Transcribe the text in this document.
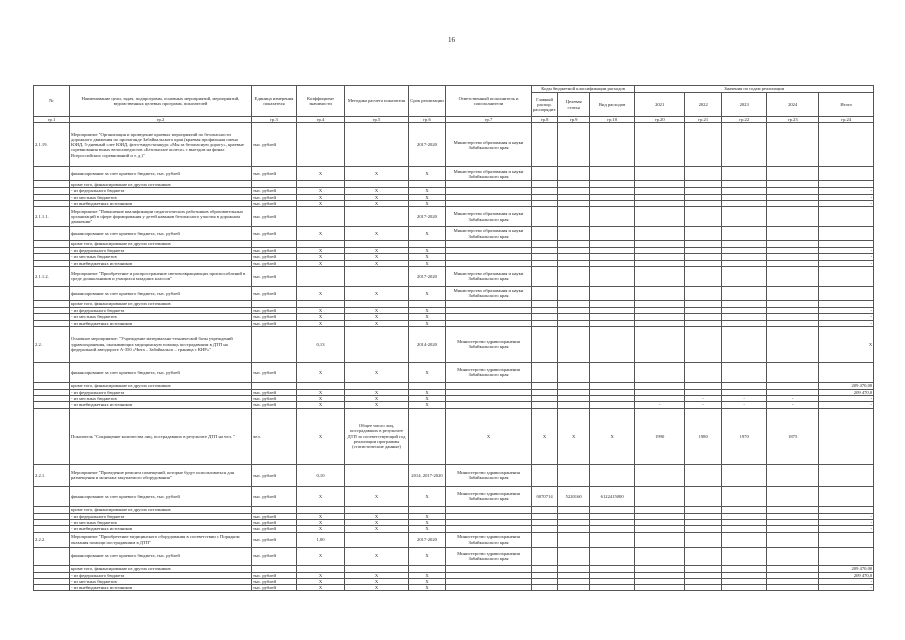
16
№	Наименование цели, задач, подпрограмм, основных мероприятий, мероприятий, ведомственных целевых программ, показателей	Единица измерения показателя	Коэффициент значимости	Методика расчета показателя	Срок реализации	Ответственный исполнитель и соисполнители	Коды бюджетной классификации расходов			Значения по годам реализации				
							Главный распор. распорядит.	Целевая статья	Вид расходов	2021	2022	2023	2024	Итого
гр.1	гр.2	гр.3	гр.4	гр.5	гр.6	гр.7	гр.8	гр.9	гр.10	гр.20	гр.21	гр.22	гр.23	гр.24
2.1.19.	Мероприятие "Организация и проведение краевых мероприятий по безопасности дорожного движения по пропаганде Забайкальского края (краевая профильная смена ЮИД, 5-дневный слет ЮИД, фото-видео-конкурс «Мы за безопасную дорогу», краевые соревнования юных велосипедистов «Безопасное колесо» с выездом на финал Всероссийских соревнований и т. д.)"	тыс. рублей			2017-2020	Министерство образования и науки Забайкальского края								
	финансирование за счет краевого бюджета, тыс. рублей	тыс. рублей	X	X	X	Министерство образования и науки Забайкальского края								
	кроме того, финансирование из других источников													
	- из федерального бюджета	тыс. рублей	X	X	X									-
	- из местных бюджетов	тыс. рублей	X	X	X									-
	- из внебюджетных источников	тыс. рублей	X	X	X									-
2.1.1.1.	Мероприятие "Повышение квалификации педагогических работников образовательных организаций в сфере формирования у детей навыков безопасного участия в дорожном движении"	тыс. рублей			2017-2020	Министерство образования и науки Забайкальского края								
	финансирование за счет краевого бюджета, тыс. рублей	тыс. рублей	X	X	X	Министерство образования и науки Забайкальского края								
	кроме того, финансирование из других источников													
	- из федерального бюджета	тыс. рублей	X	X	X									-
	- из местных бюджетов	тыс. рублей	X	X	X									-
	- из внебюджетных источников	тыс. рублей	X	X	X									-
2.1.1.2.	Мероприятие "Приобретение и распространение световозвращающих приспособлений в среде дошкольников и учащихся младших классов"	тыс. рублей			2017-2020	Министерство образования и науки Забайкальского края								
	финансирование за счет краевого бюджета, тыс. рублей	тыс. рублей	X	X	X	Министерство образования и науки Забайкальского края								
	кроме того, финансирование из других источников													
	- из федерального бюджета	тыс. рублей	X	X	X									-
	- из местных бюджетов	тыс. рублей	X	X	X									-
	- из внебюджетных источников	тыс. рублей	X	X	X									-
2.2.	Основное мероприятие: "Учреждение материально-технической базы учреждений здравоохранения, оказывающих медицинскую помощь пострадавшим в ДТП на федеральной автодороге А-350 «Чита – Забайкальск – граница с КНР»"		0,13		2014-2020	Министерство здравоохранения Забайкальского края								X
	финансирование за счет краевого бюджета, тыс. рублей	тыс. рублей	X	X	X	Министерство здравоохранения Забайкальского края								
	кроме того, финансирование из других источников													209 470,00
	- из федерального бюджета	тыс. рублей	X	X	X									209 470,0
	- из местных бюджетов	тыс. рублей	X	X	X						-	-	-	-
	- из внебюджетных источников	тыс. рублей	X	X	X					-	-	-	-	-
	Показатель "Сокращение количества лиц, пострадавших в результате ДТП на чел. "	чел.	X	Общее число лиц, пострадавших в результате ДТП за соответствующий год реализации программы (статистические данные)		X	X	X	X	1990	1980	1970	1875	
2.2.1.	Мероприятие "Проведение ремонта помещений, которые будут использоваться для размещения и монтажа закупаемого оборудования"	тыс. рублей	0,10		2014, 2017-2020	Министерство здравоохранения Забайкальского края								
	финансирование за счет краевого бюджета, тыс. рублей	тыс. рублей	X	X	X	Министерство здравоохранения Забайкальского края	0070714	5220160	6122415000					
	кроме того, финансирование из других источников													
	- из федерального бюджета	тыс. рублей	X	X	X									-
	- из местных бюджетов	тыс. рублей	X	X	X									-
	- из внебюджетных источников	тыс. рублей	X	X	X									-
2.2.2.	Мероприятие "Приобретение медицинского оборудования в соответствии с Порядком оказания помощи пострадавшим в ДТП"	тыс. рублей	1,00		2017-2020	Министерство здравоохранения Забайкальского края								
	финансирование за счет краевого бюджета, тыс. рублей	тыс. рублей	X	X	X	Министерство здравоохранения Забайкальского края								
	кроме того, финансирование из других источников													209 470,00
	- из федерального бюджета	тыс. рублей	X	X	X									209 470,0
	- из местных бюджетов	тыс. рублей	X	X	X									-
	- из внебюджетных источников	тыс. рублей	X	X	X									-
